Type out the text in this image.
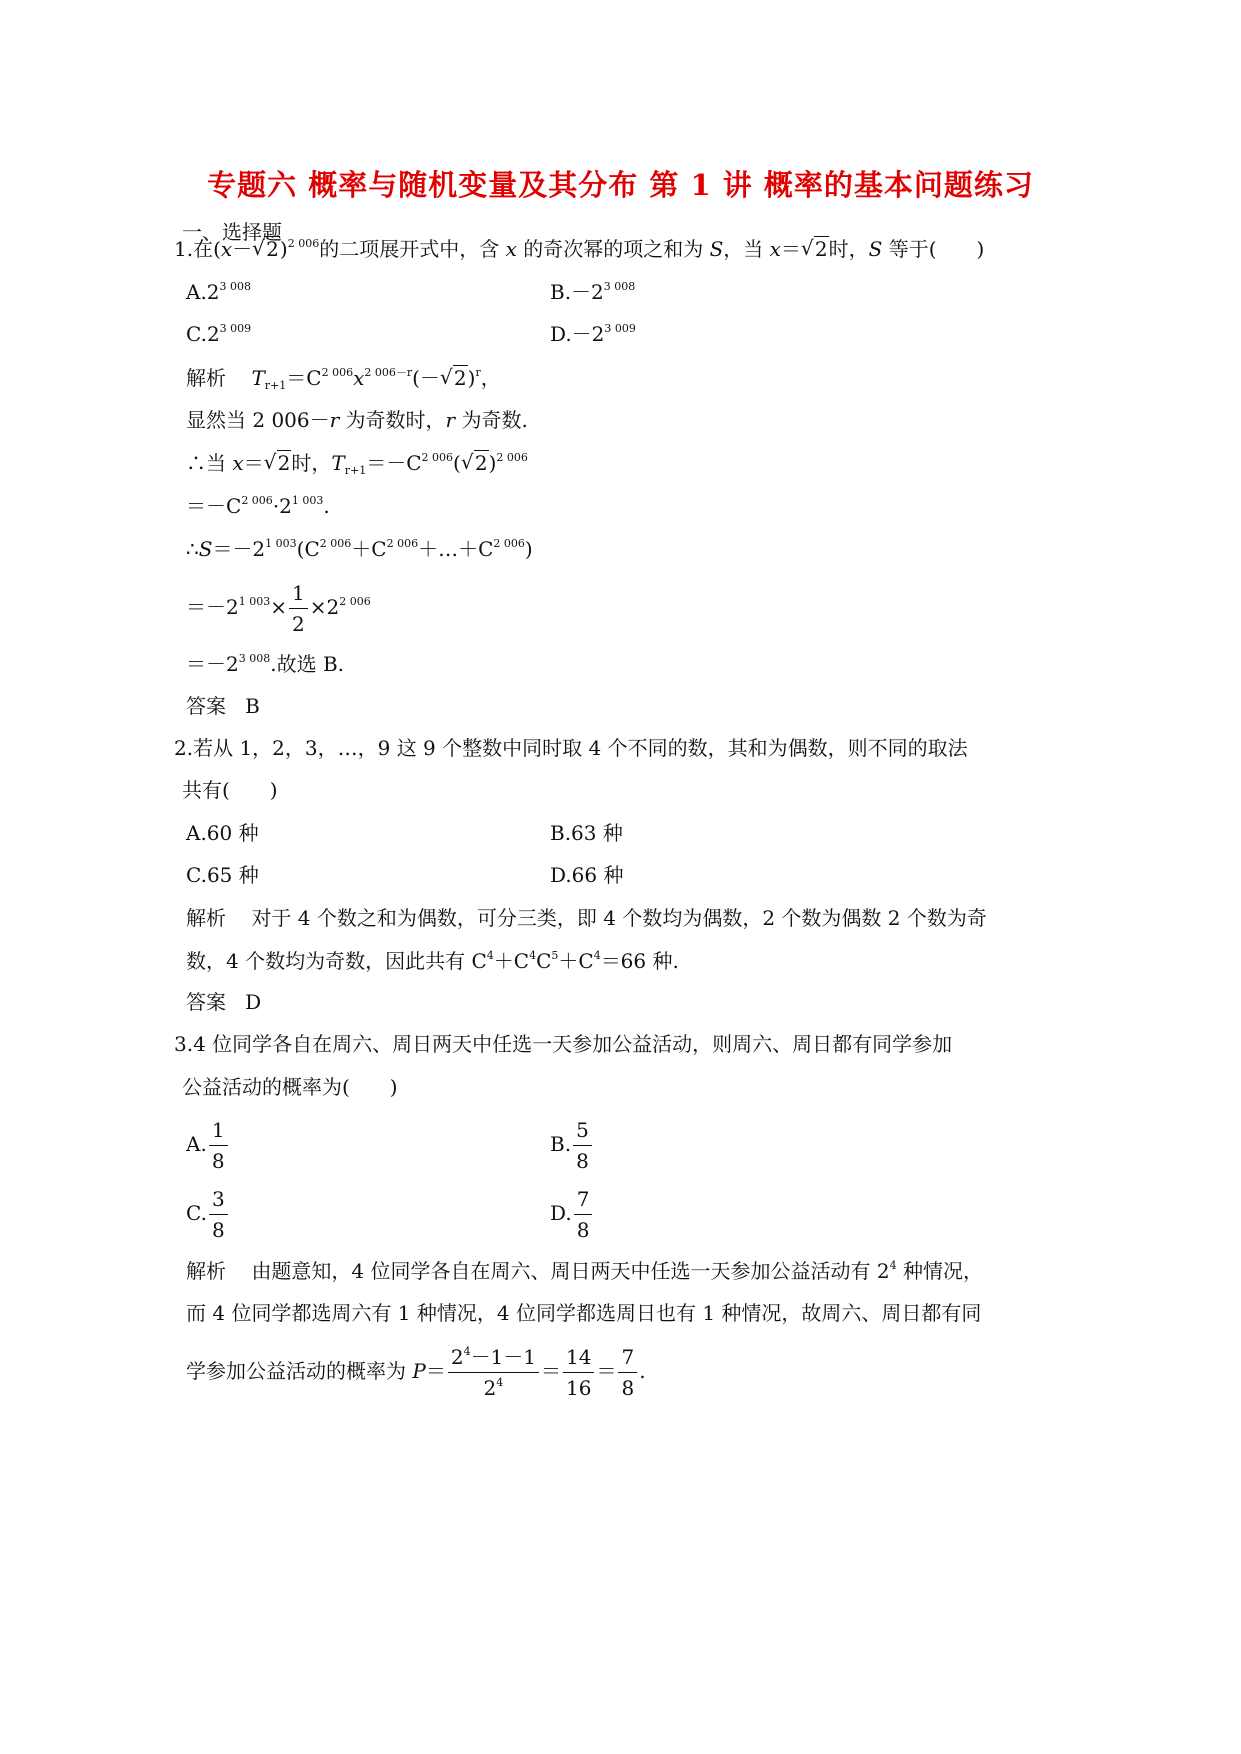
专题六 概率与随机变量及其分布 第 1 讲 概率的基本问题练习
一、选择题
1.在(x－√ 2)$^{2 006}$的二项展开式中，含 x 的奇次幂的项之和为 S，当 x＝√ 2时，S 等于(　　)
$A.2^{3 008}$	$B.-2^{3 008}$
$C.2^{3 009}$	$D.-2^{3 009}$
解析 $T_{r+1}=C^{2 006}x^{2 006-r}(-√$ 2)$^r$，
显然当 2 006－r 为奇数时，r 为奇数.
∴当 x＝√ 2时，$T_{r+1}=-C^{2 006}(√$ 2)$^{2 006}$
$=-C^{2 006}\cdot 2^{1 003}$.
$\therefore S=-2^{1 003}(C^{2 006}+C^{2 006}+\dots+C^{2 006})$
$=-2^{1 003}\times \frac{1}{2} \times 2^{2 006}$
$=-2^{3 008}$.故选 B.
答案 B
2.若从 1，2，3，…，9 这 9 个整数中同时取 4 个不同的数，其和为偶数，则不同的取法
共有(　　)
A.60 种	B.63 种
C.65 种	D.66 种
解析 对于 4 个数之和为偶数，可分三类，即 4 个数均为偶数，2 个数为偶数 2 个数为奇
数，4 个数均为奇数，因此共有 $C^4+C^4C^5+C^4=66$ 种.
答案 D
3.4 位同学各自在周六、周日两天中任选一天参加公益活动，则周六、周日都有同学参加
公益活动的概率为(　　)
A. $\frac{1}{8}$	B. $\frac{5}{8}$
C. $\frac{3}{8}$	D. $\frac{7}{8}$
解析 由题意知，4 位同学各自在周六、周日两天中任选一天参加公益活动有 $2^4$ 种情况，
而 4 位同学都选周六有 1 种情况，4 位同学都选周日也有 1 种情况，故周六、周日都有同
学参加公益活动的概率为 $P= \frac{2^4-1-1}{2^4} = \frac{14}{16} = \frac{7}{8}$ .
